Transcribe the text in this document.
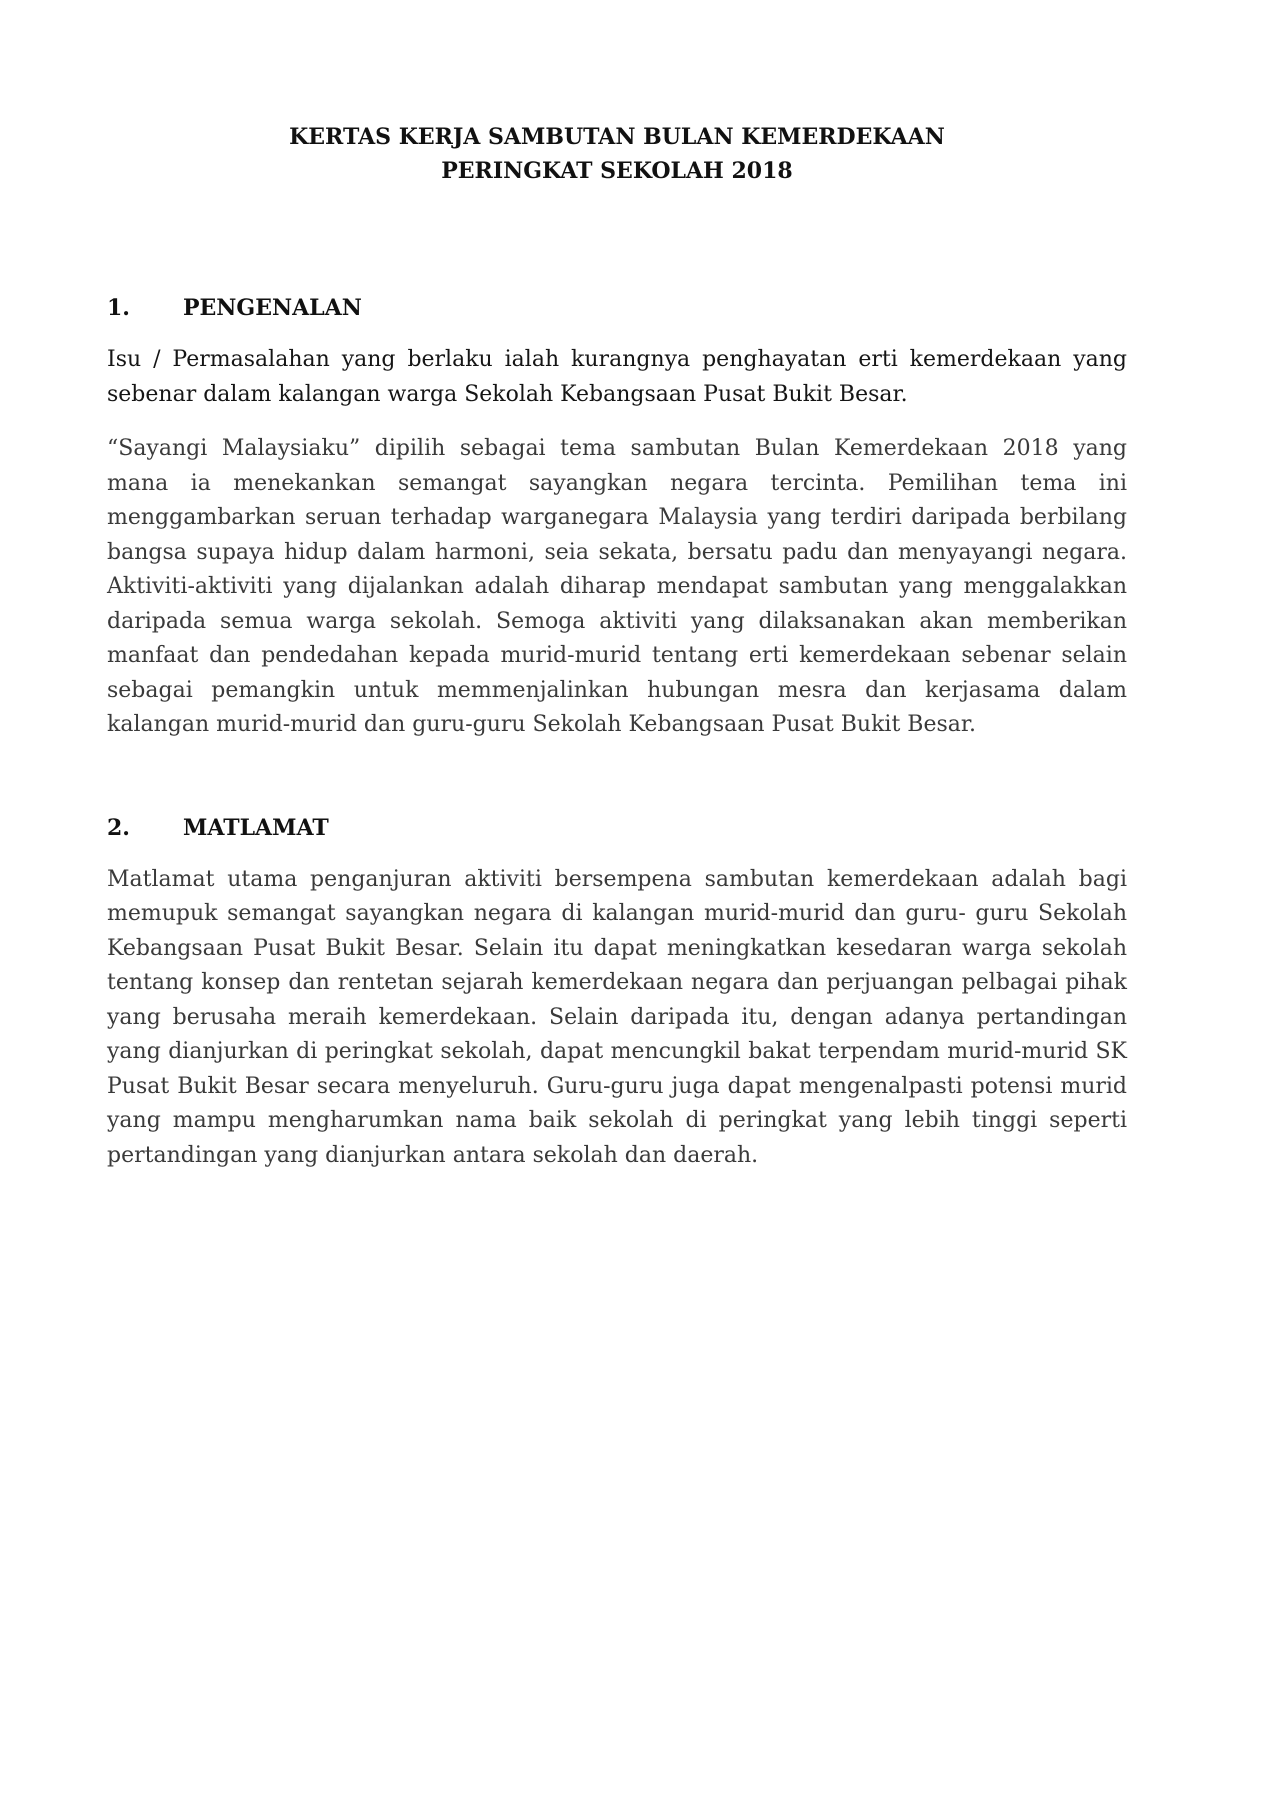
KERTAS KERJA SAMBUTAN BULAN KEMERDEKAAN
PERINGKAT SEKOLAH 2018
1.	PENGENALAN

Isu / Permasalahan yang berlaku ialah kurangnya penghayatan erti kemerdekaan yang sebenar dalam kalangan warga Sekolah Kebangsaan Pusat Bukit Besar.

“Sayangi Malaysiaku” dipilih sebagai tema sambutan Bulan Kemerdekaan 2018 yang mana ia menekankan semangat sayangkan negara tercinta. Pemilihan tema ini menggambarkan seruan terhadap warganegara Malaysia yang terdiri daripada berbilang bangsa supaya hidup dalam harmoni, seia sekata, bersatu padu dan menyayangi negara. Aktiviti-aktiviti yang dijalankan adalah diharap mendapat sambutan yang menggalakkan daripada semua warga sekolah. Semoga aktiviti yang dilaksanakan akan memberikan manfaat dan pendedahan kepada murid-murid tentang erti kemerdekaan sebenar selain sebagai pemangkin untuk memmenjalinkan hubungan mesra dan kerjasama dalam kalangan murid-murid dan guru-guru Sekolah Kebangsaan Pusat Bukit Besar.

2.	MATLAMAT

Matlamat utama penganjuran aktiviti bersempena sambutan kemerdekaan adalah bagi memupuk semangat sayangkan negara di kalangan murid-murid dan guru- guru Sekolah Kebangsaan Pusat Bukit Besar. Selain itu dapat meningkatkan kesedaran warga sekolah tentang konsep dan rentetan sejarah kemerdekaan negara dan perjuangan pelbagai pihak yang berusaha meraih kemerdekaan. Selain daripada itu, dengan adanya pertandingan yang dianjurkan di peringkat sekolah, dapat mencungkil bakat terpendam murid-murid SK Pusat Bukit Besar secara menyeluruh. Guru-guru juga dapat mengenalpasti potensi murid yang mampu mengharumkan nama baik sekolah di peringkat yang lebih tinggi seperti pertandingan yang dianjurkan antara sekolah dan daerah.
